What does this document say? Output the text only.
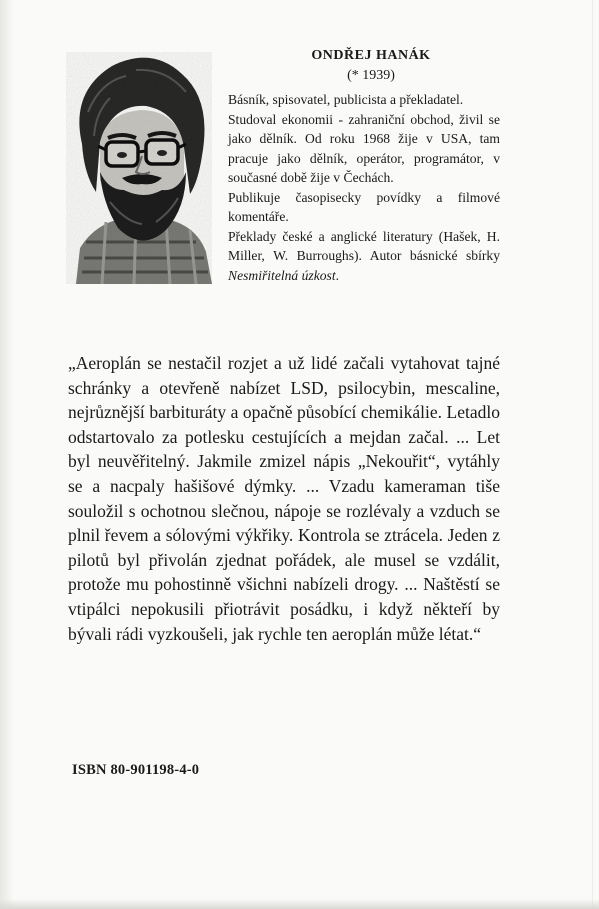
ONDŘEJ HANÁK

(* 1939)

Básník, spisovatel, publicista a překladatel.

Studoval ekonomii - zahraniční obchod, živil se jako dělník. Od roku 1968 žije v USA, tam pracuje jako dělník, operátor, programátor, v současné době žije v Čechách.

Publikuje časopisecky povídky a filmové komentáře.

Překlady české a anglické literatury (Hašek, H. Miller, W. Burroughs). Autor básnické sbírky Nesmiřitelná úzkost.

„Aeroplán se nestačil rozjet a už lidé začali vytahovat tajné schránky a otevřeně nabízet LSD, psilocybin, mescaline, nejrůznější barbituráty a opačně působící chemikálie. Letadlo odstartovalo za potlesku cestujících a mejdan začal. ... Let byl neuvěřitelný. Jakmile zmizel nápis „Nekouřit“, vytáhly se a nacpaly hašišové dýmky. ... Vzadu kameraman tiše souložil s ochotnou slečnou, nápoje se rozlévaly a vzduch se plnil řevem a sólovými výkřiky. Kontrola se ztrácela. Jeden z pilotů byl přivolán zjednat pořádek, ale musel se vzdálit, protože mu pohostinně všichni nabízeli drogy. ... Naštěstí se vtipálci nepokusili přiotrávit posádku, i když někteří by bývali rádi vyzkoušeli, jak rychle ten aeroplán může létat.“

ISBN 80-901198-4-0
